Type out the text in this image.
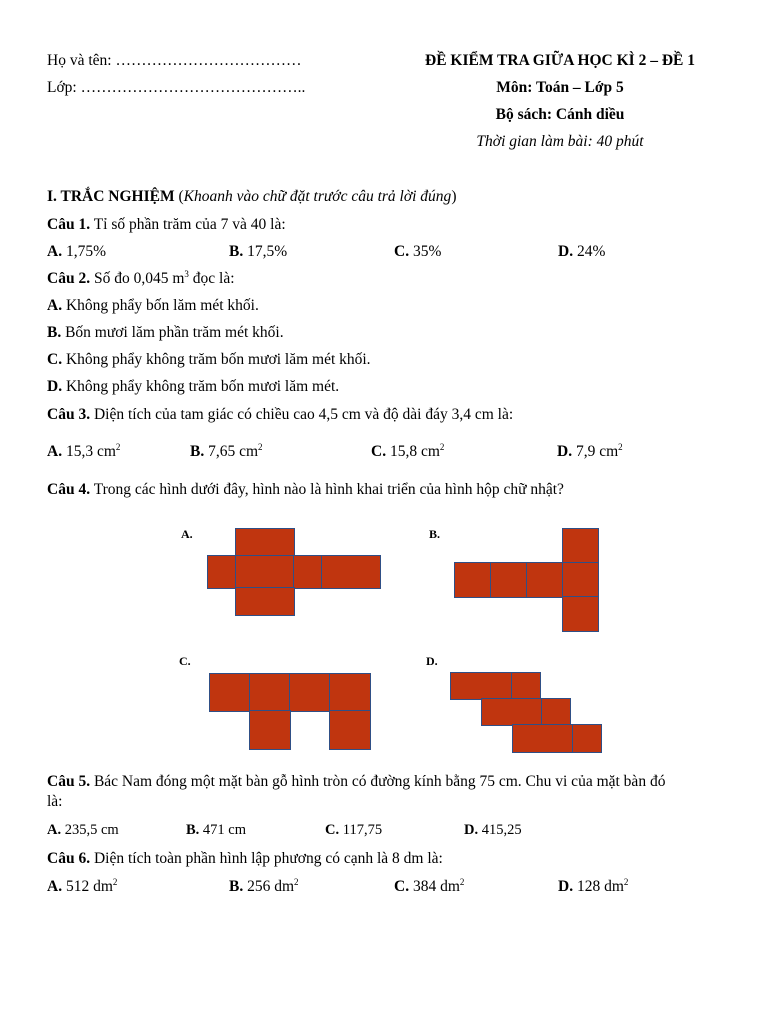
Họ và tên: ………………………………
Lớp: ……………………………………..
ĐỀ KIỂM TRA GIỮA HỌC KÌ 2 – ĐỀ 1
Môn: Toán – Lớp 5
Bộ sách: Cánh diều
Thời gian làm bài: 40 phút
I. TRẮC NGHIỆM (Khoanh vào chữ đặt trước câu trả lời đúng)
Câu 1. Tỉ số phần trăm của 7 và 40 là:
A. 1,75%	B. 17,5%	C. 35%	D. 24%
Câu 2. Số đo 0,045 $m^3$ đọc là:
A. Không phẩy bốn lăm mét khối.
B. Bốn mươi lăm phần trăm mét khối.
C. Không phẩy không trăm bốn mươi lăm mét khối.
D. Không phẩy không trăm bốn mươi lăm mét.
Câu 3. Diện tích của tam giác có chiều cao 4,5 cm và độ dài đáy 3,4 cm là:
A. 15,3 $cm^2$	B. 7,65 $cm^2$	C. 15,8 $cm^2$	D. 7,9 $cm^2$
Câu 4. Trong các hình dưới đây, hình nào là hình khai triển của hình hộp chữ nhật?
A.	B.
C.	D.
Câu 5. Bác Nam đóng một mặt bàn gỗ hình tròn có đường kính bằng 75 cm. Chu vi của mặt bàn đó
là:
A. 235,5 cm	B. 471 cm	C. 117,75	D. 415,25
Câu 6. Diện tích toàn phần hình lập phương có cạnh là 8 dm là:
A. 512 $dm^2$	B. 256 $dm^2$	C. 384 $dm^2$	D. 128 $dm^2$
